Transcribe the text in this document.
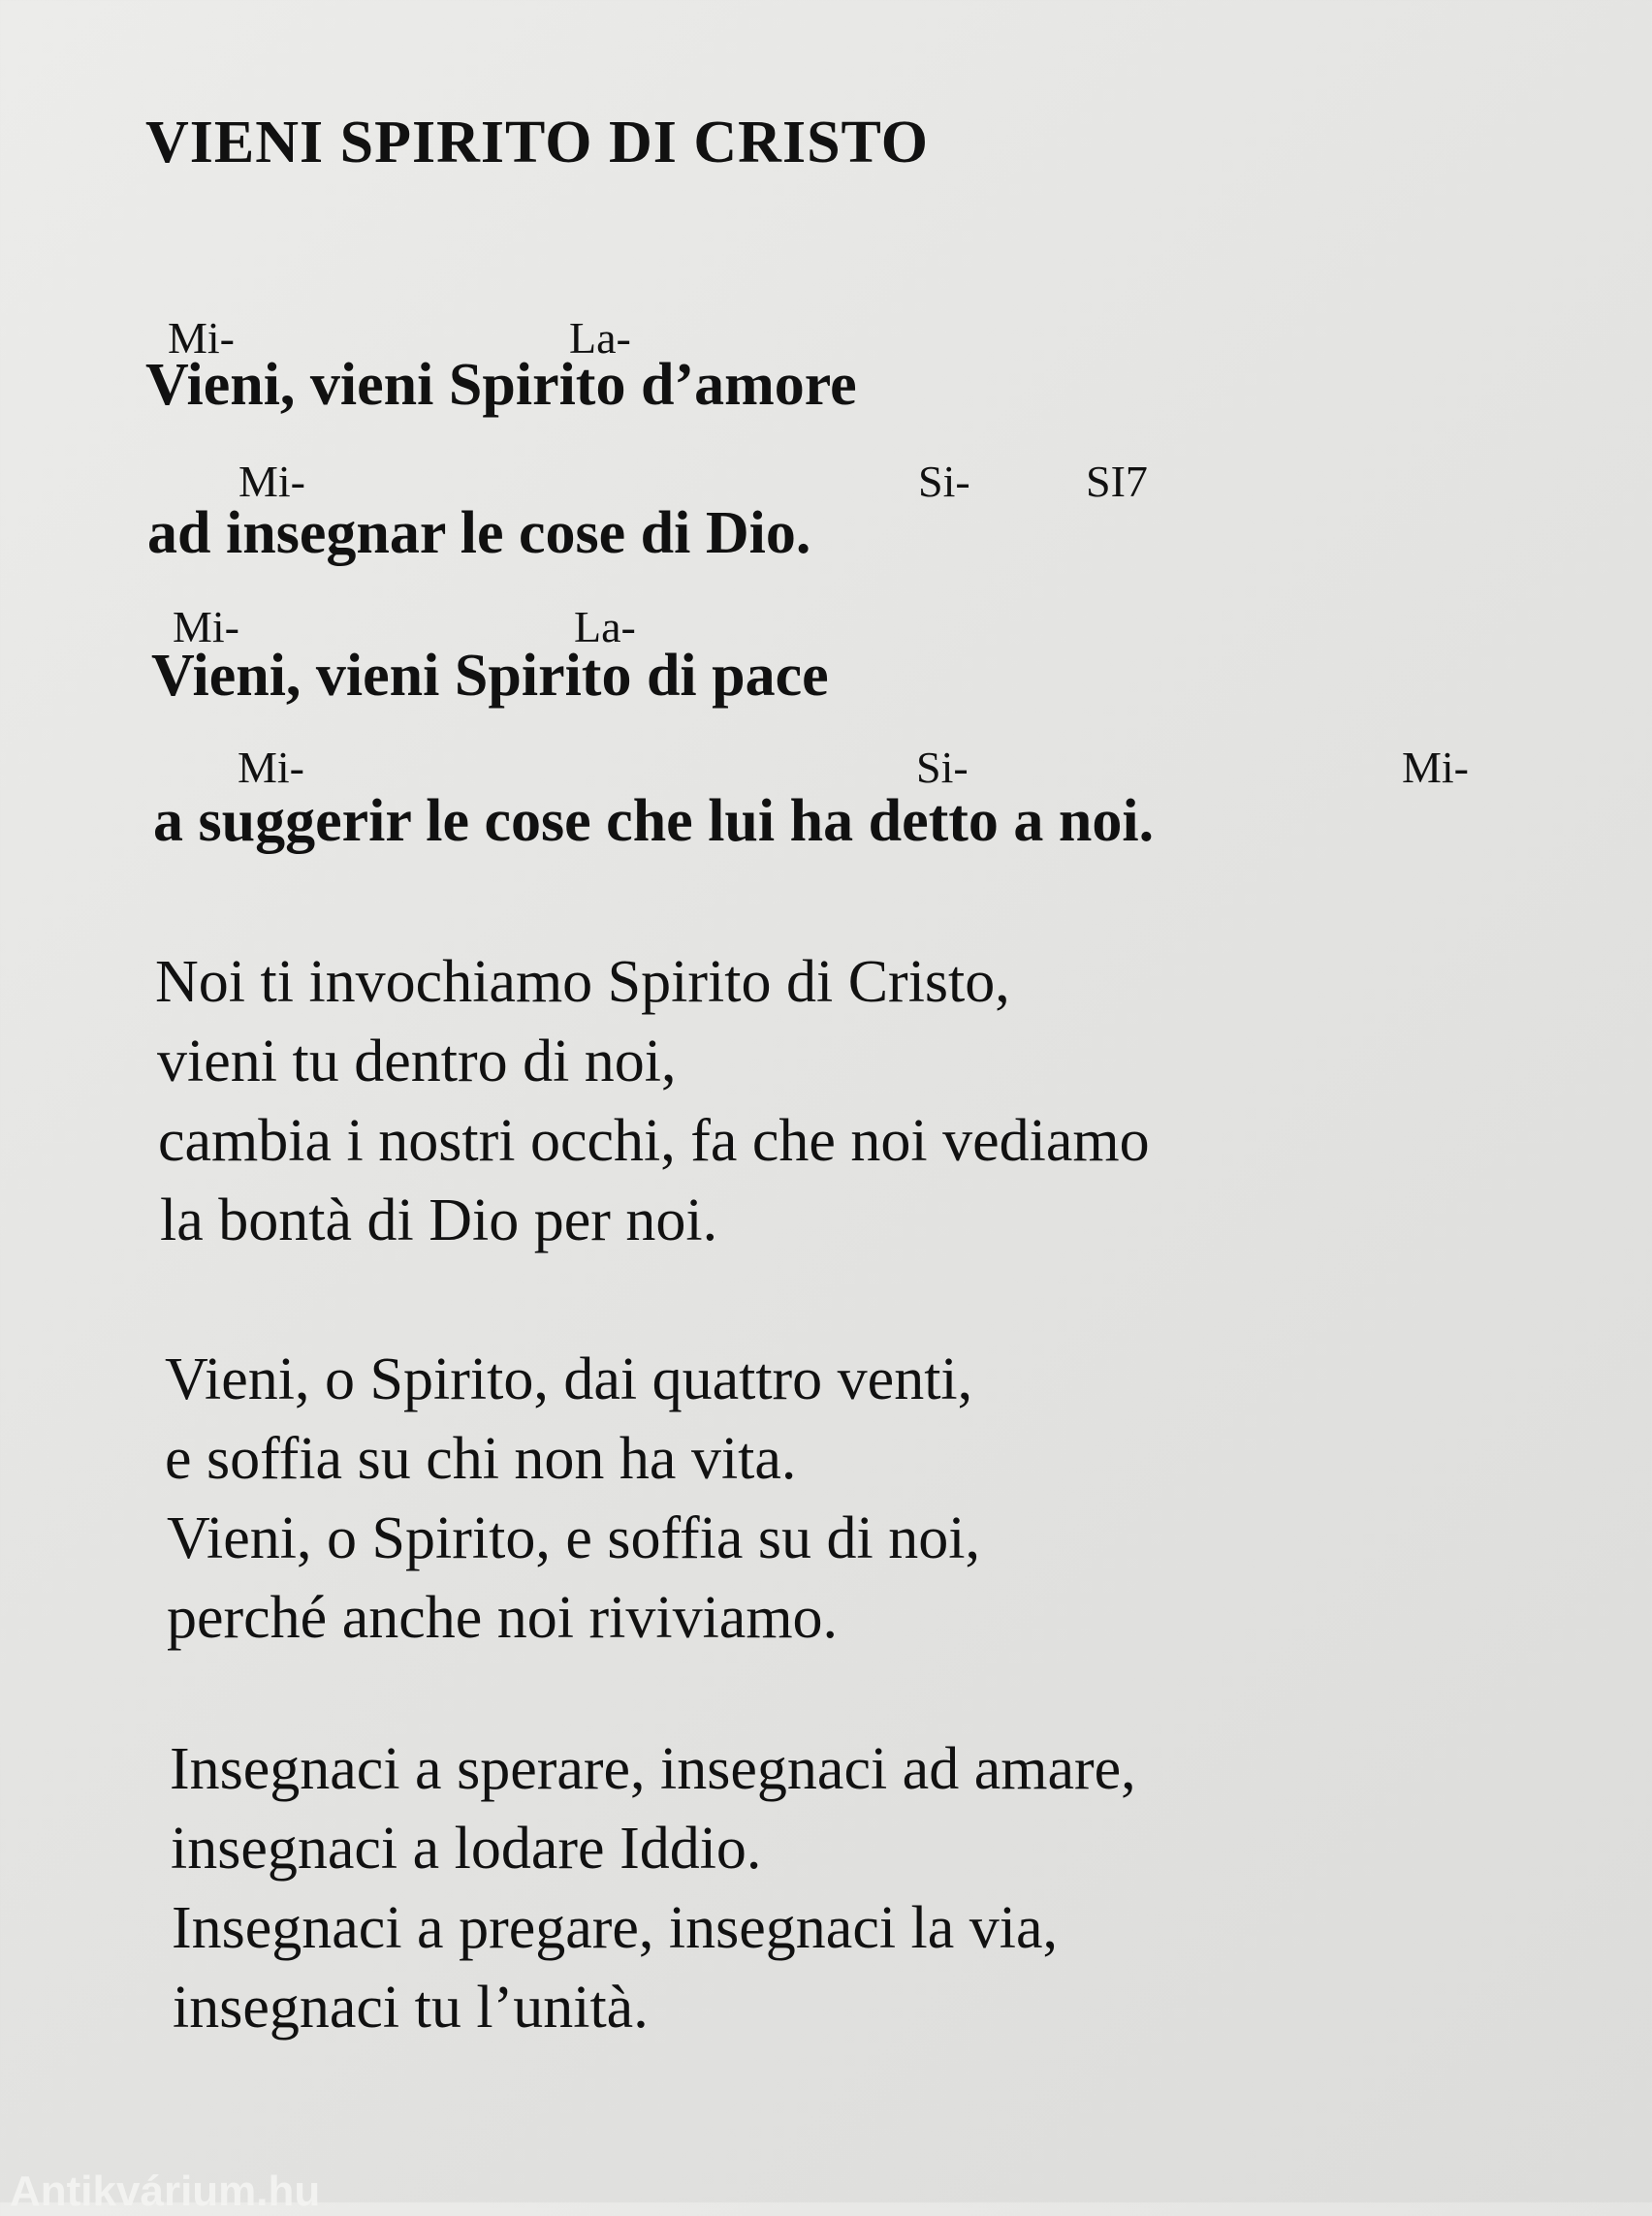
VIENI SPIRITO DI CRISTO
Mi-	La-
Vieni, vieni Spirito d’amore
Mi-	Si-	SI7
ad insegnar le cose di Dio.
Mi-	La-
Vieni, vieni Spirito di pace
Mi-	Si-	Mi-
a suggerir le cose che lui ha detto a noi.
Noi ti invochiamo Spirito di Cristo,
vieni tu dentro di noi,
cambia i nostri occhi, fa che noi vediamo
la bontà di Dio per noi.
Vieni, o Spirito, dai quattro venti,
e soffia su chi non ha vita.
Vieni, o Spirito, e soffia su di noi,
perché anche noi riviviamo.
Insegnaci a sperare, insegnaci ad amare,
insegnaci a lodare Iddio.
Insegnaci a pregare, insegnaci la via,
insegnaci tu l’unità.
Antikvárium.hu
